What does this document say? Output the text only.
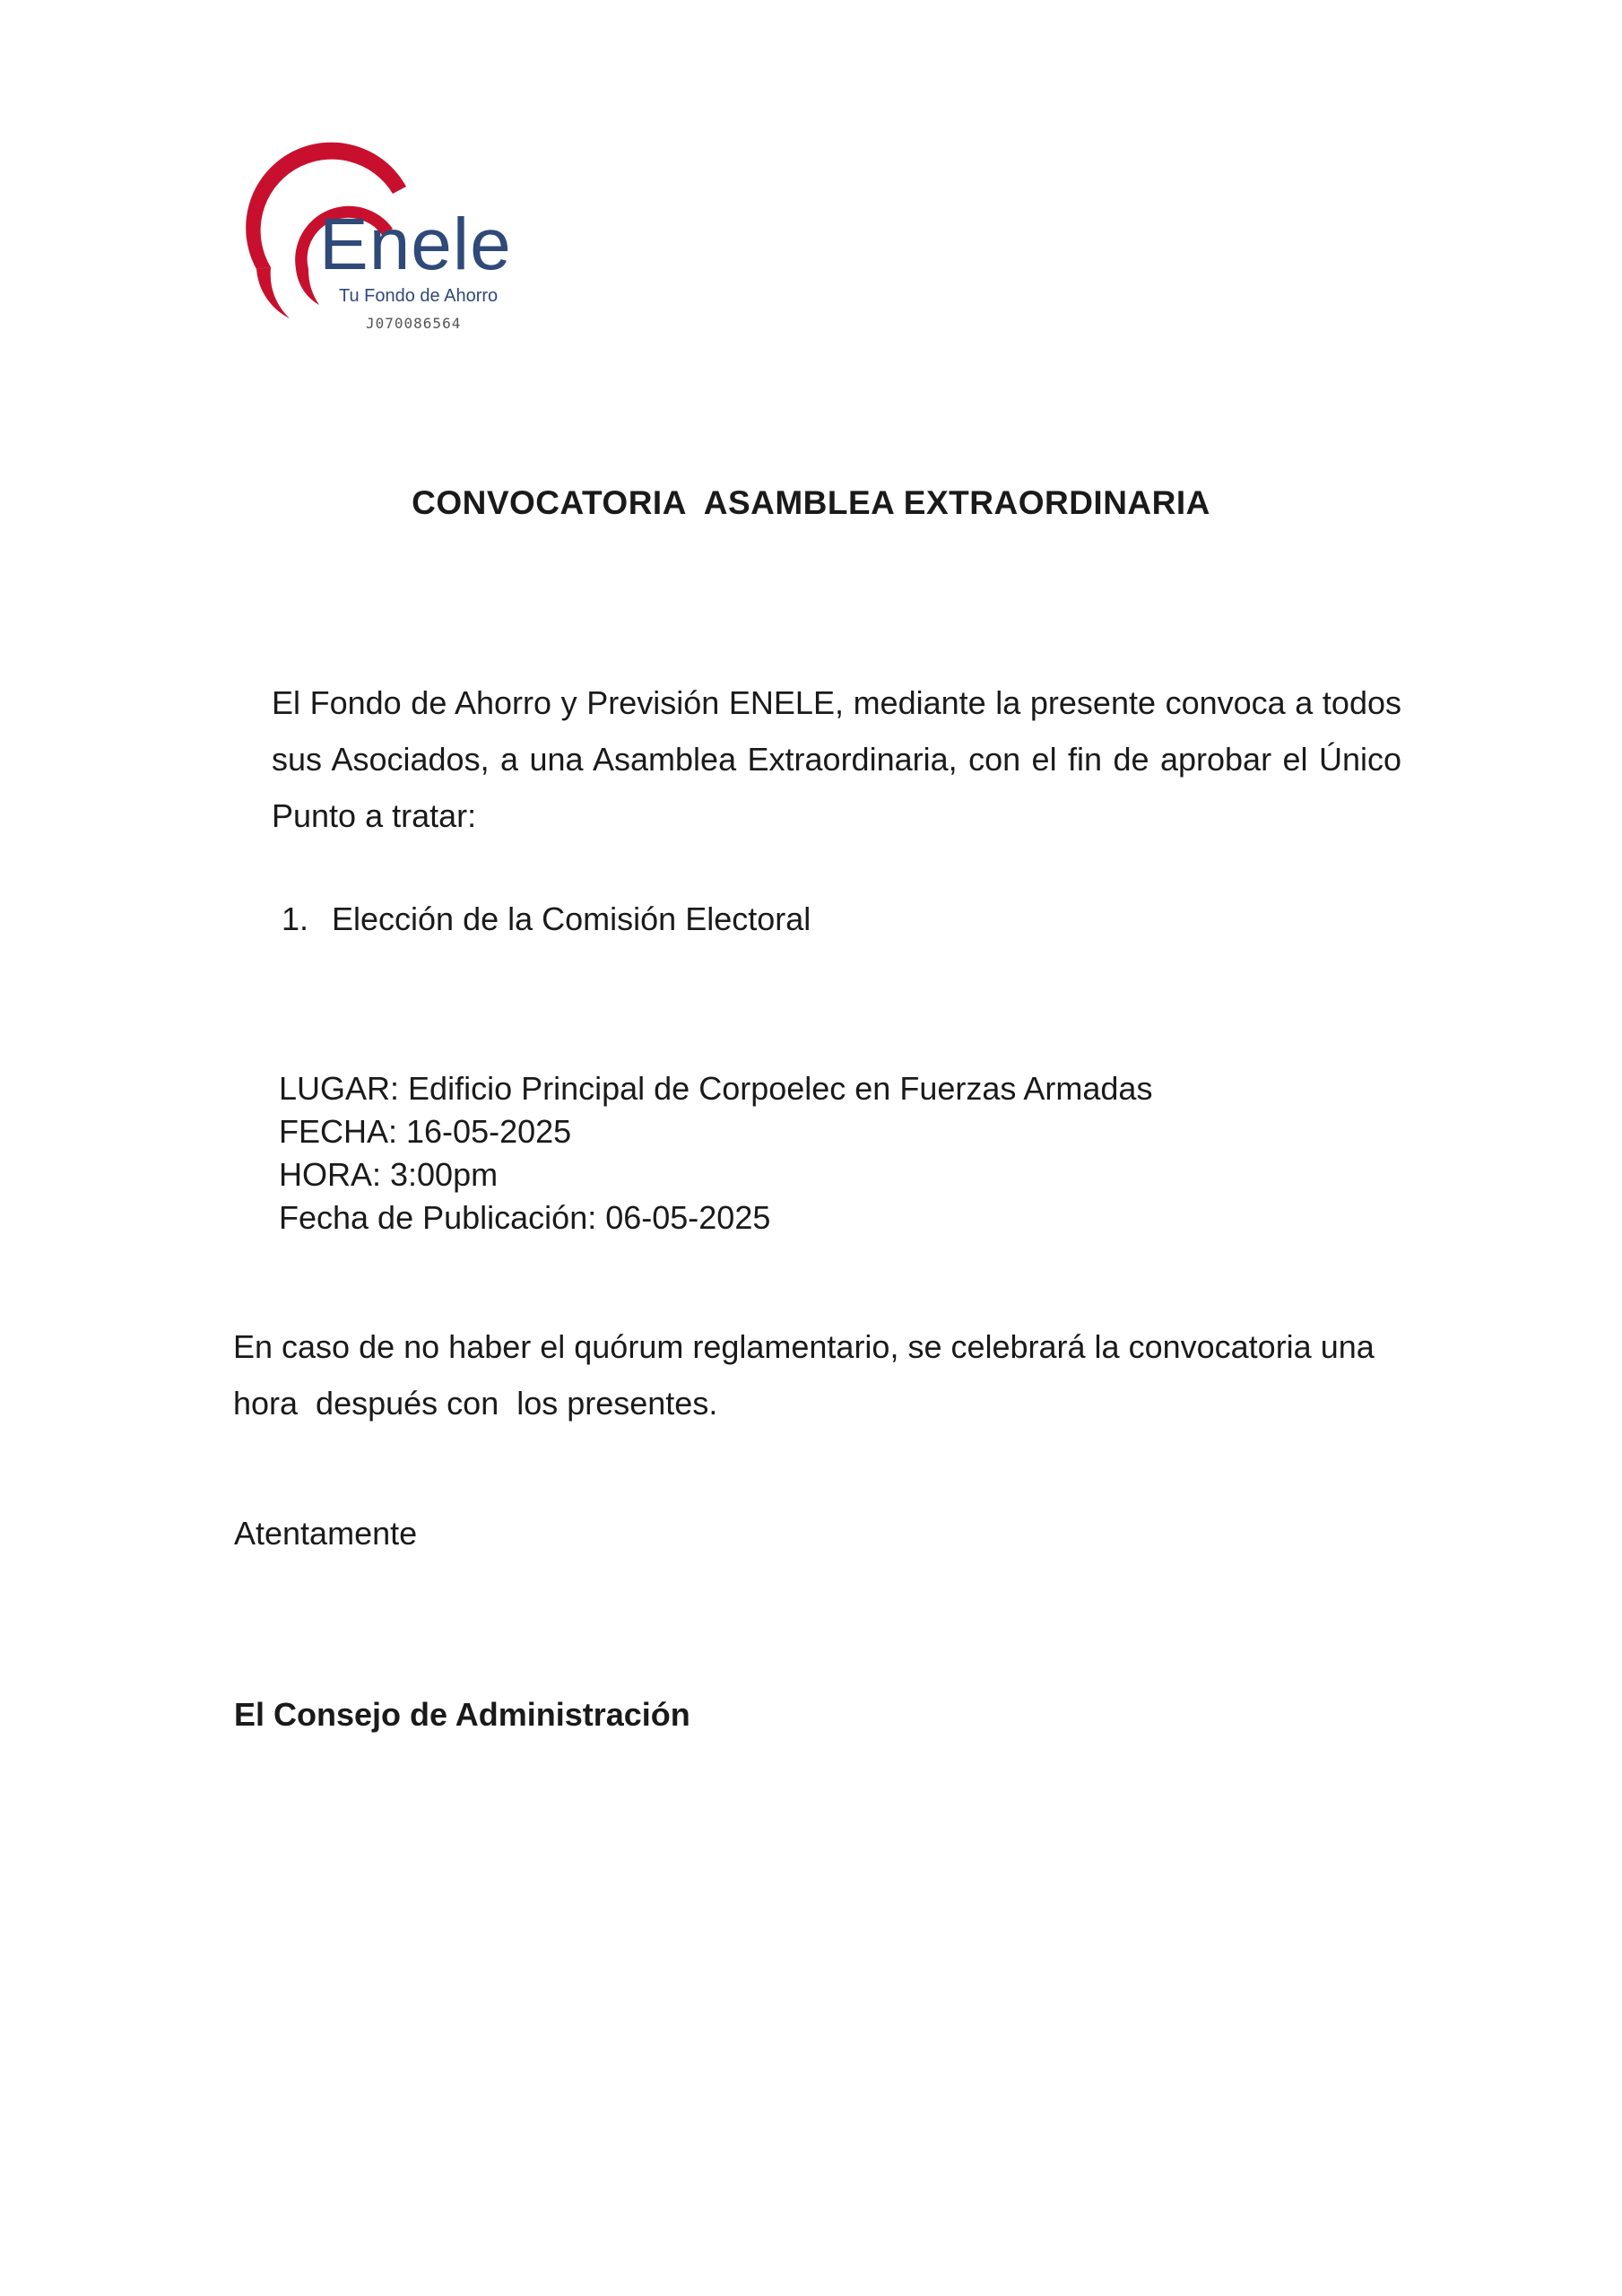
Enele
Tu Fondo de Ahorro
J070086564
CONVOCATORIA  ASAMBLEA EXTRAORDINARIA

El Fondo de Ahorro y Previsión ENELE, mediante la presente convoca a todos sus Asociados, a una Asamblea Extraordinaria, con el fin de aprobar el Único Punto a tratar:

1. Elección de la Comisión Electoral
LUGAR: Edificio Principal de Corpoelec en Fuerzas Armadas
FECHA: 16-05-2025
HORA: 3:00pm
Fecha de Publicación: 06-05-2025

En caso de no haber el quórum reglamentario, se celebrará la convocatoria una hora  después con  los presentes.

Atentamente
El Consejo de Administración
